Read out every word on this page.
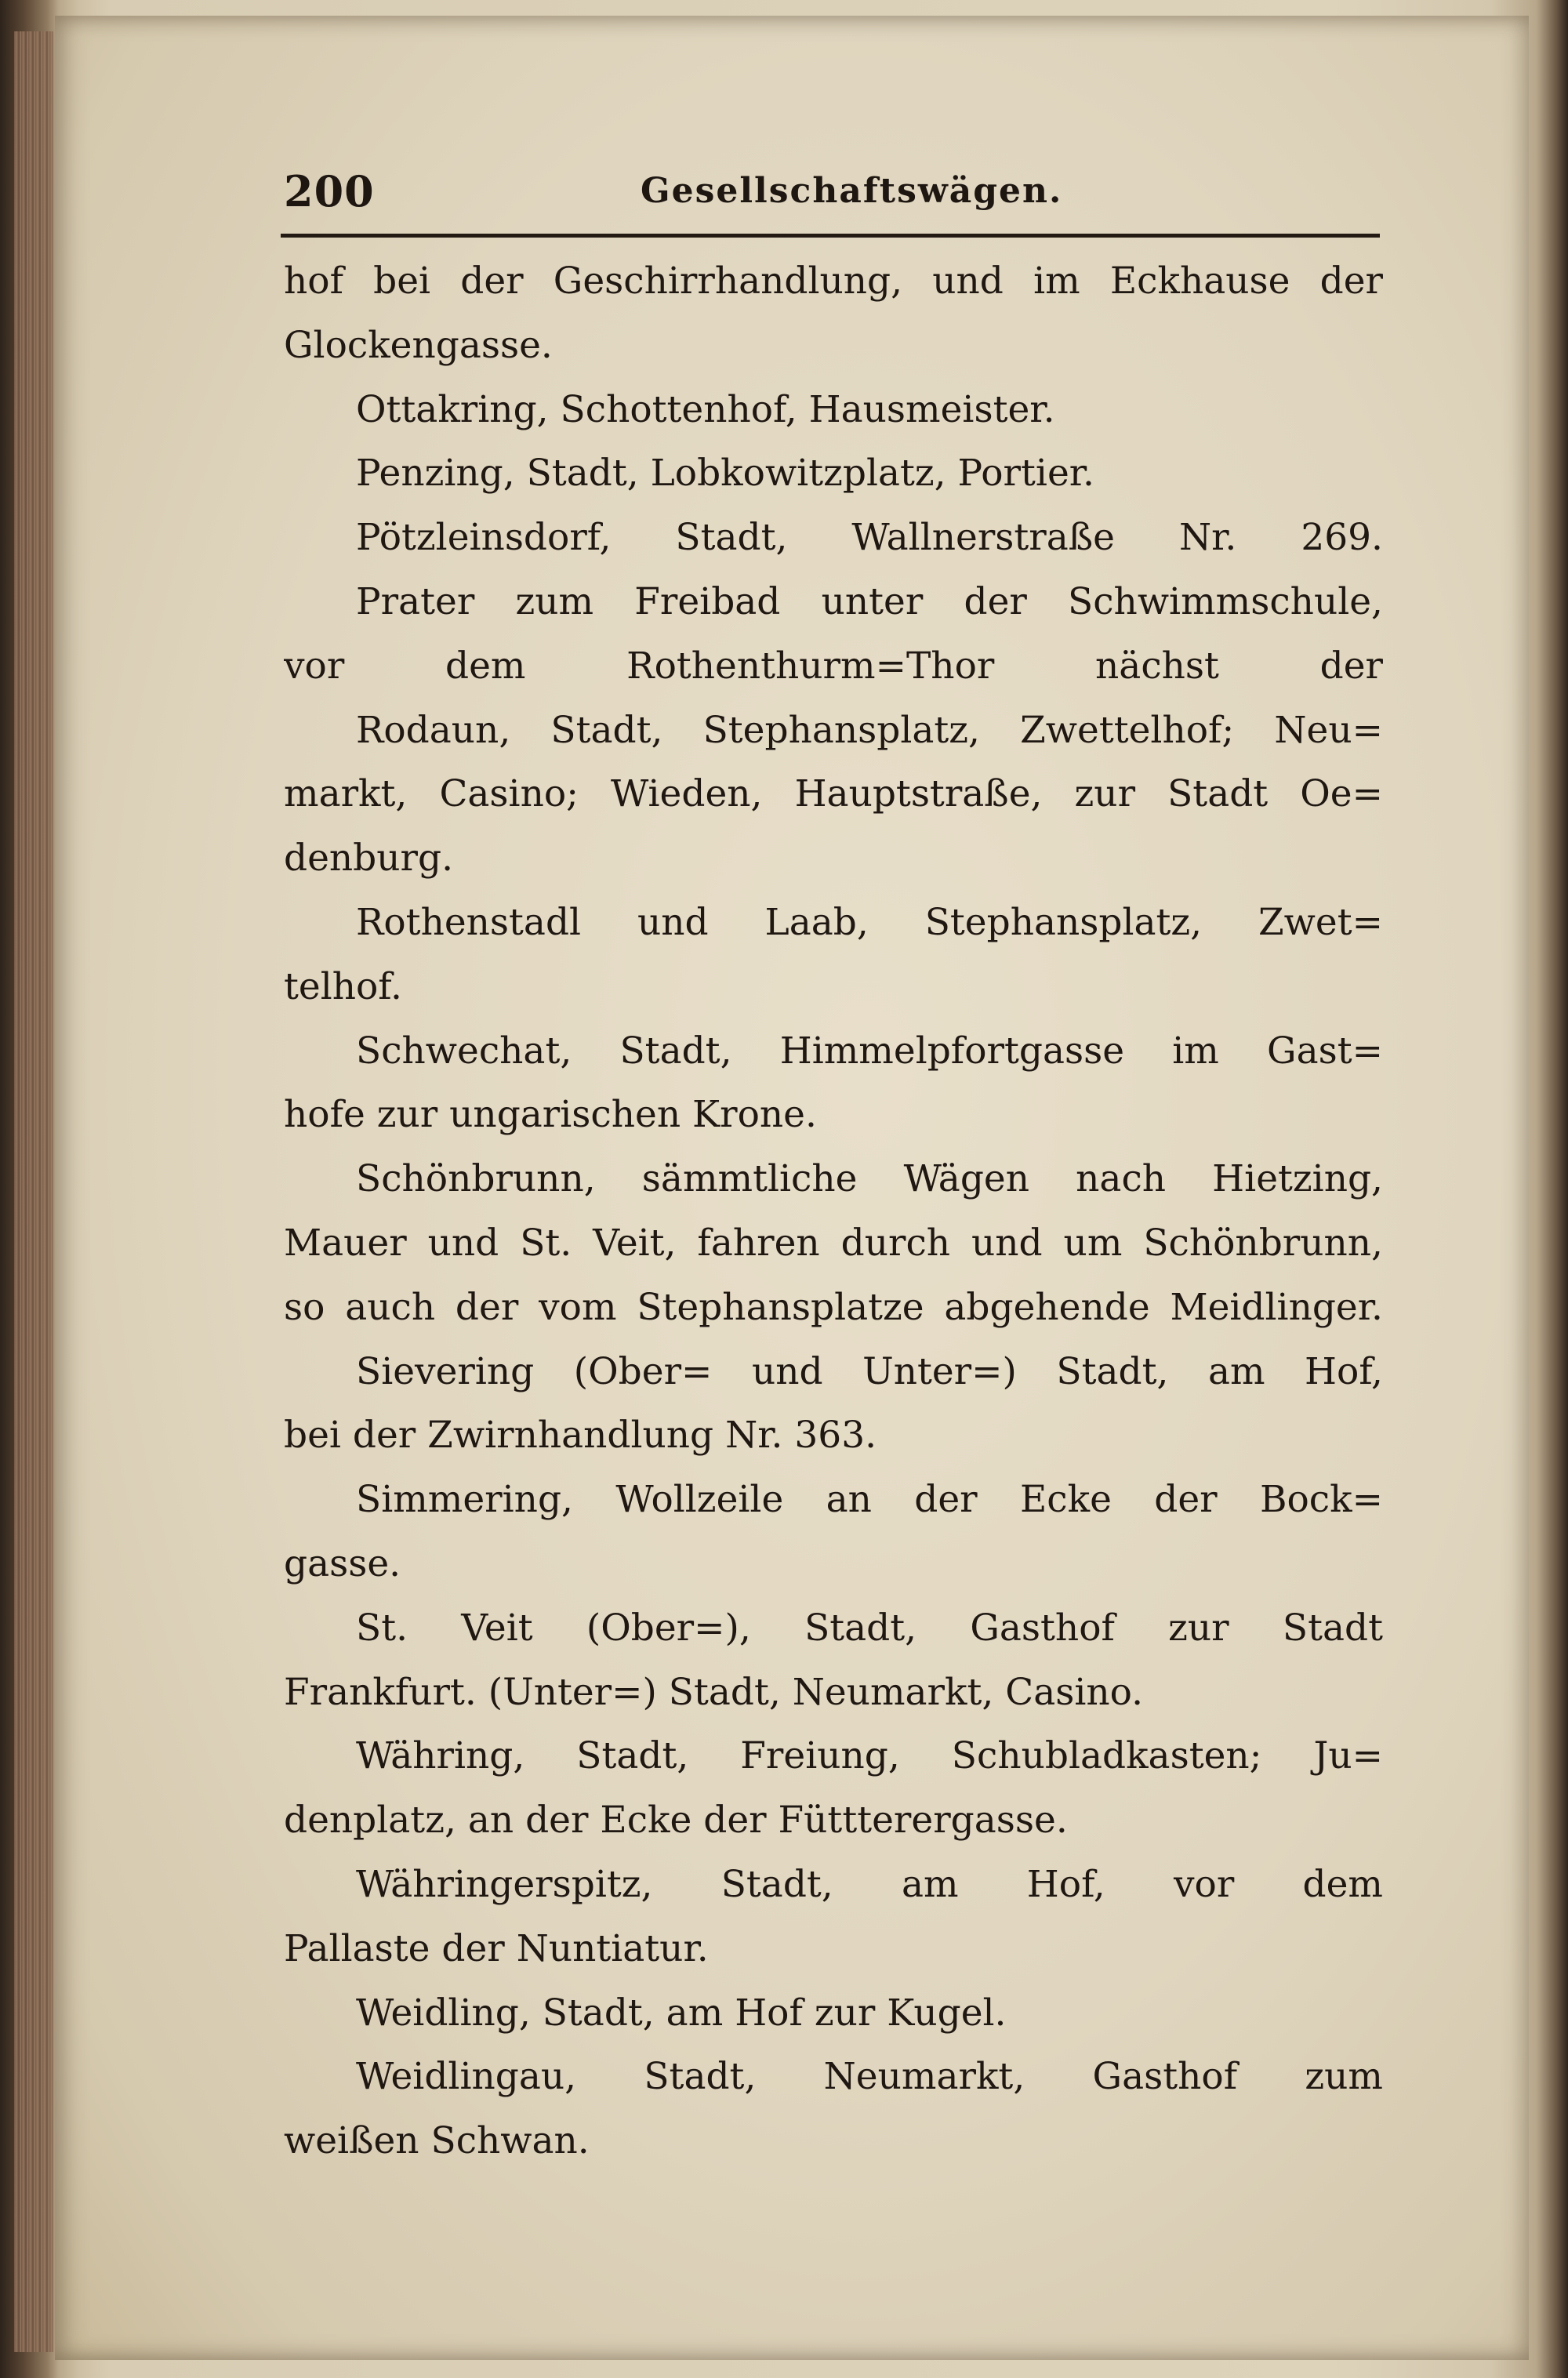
200	Gesellschaftswägen.
hof bei der Geschirrhandlung, und im Eckhause der
Glockengasse.
Ottakring, Schottenhof, Hausmeister.
Penzing, Stadt, Lobkowitzplatz, Portier.
Pötzleinsdorf, Stadt, Wallnerstraße Nr. 269.
Prater zum Freibad unter der Schwimmschule,
vor dem Rothenthurm=Thor nächst der
Rodaun, Stadt, Stephansplatz, Zwettelhof; Neu=
markt, Casino; Wieden, Hauptstraße, zur Stadt Oe=
denburg.
Rothenstadl und Laab, Stephansplatz, Zwet=
telhof.
Schwechat, Stadt, Himmelpfortgasse im Gast=
hofe zur ungarischen Krone.
Schönbrunn, sämmtliche Wägen nach Hietzing,
Mauer und St. Veit, fahren durch und um Schönbrunn,
so auch der vom Stephansplatze abgehende Meidlinger.
Sievering (Ober= und Unter=) Stadt, am Hof,
bei der Zwirnhandlung Nr. 363.
Simmering, Wollzeile an der Ecke der Bock=
gasse.
St. Veit (Ober=), Stadt, Gasthof zur Stadt
Frankfurt. (Unter=) Stadt, Neumarkt, Casino.
Währing, Stadt, Freiung, Schubladkasten; Ju=
denplatz, an der Ecke der Füttterergasse.
Währingerspitz, Stadt, am Hof, vor dem
Pallaste der Nuntiatur.
Weidling, Stadt, am Hof zur Kugel.
Weidlingau, Stadt, Neumarkt, Gasthof zum
weißen Schwan.
